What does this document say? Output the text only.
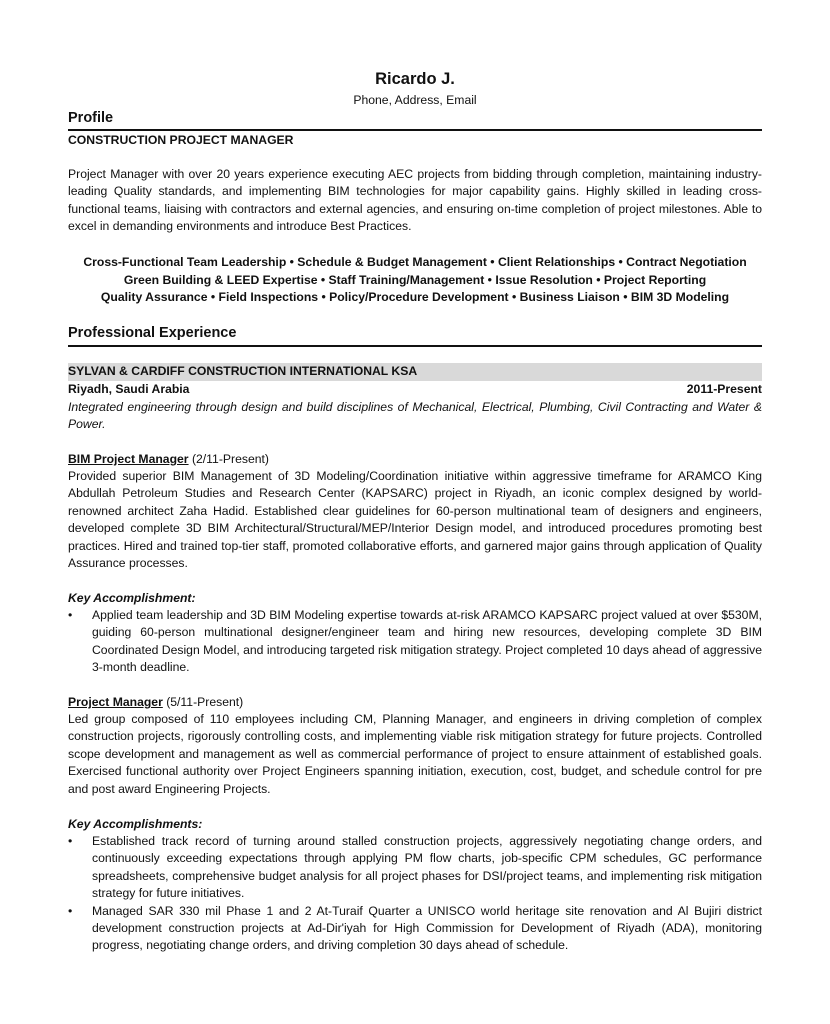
Ricardo J.
Phone, Address, Email
Profile
CONSTRUCTION PROJECT MANAGER
Project Manager with over 20 years experience executing AEC projects from bidding through completion, maintaining industry-leading Quality standards, and implementing BIM technologies for major capability gains. Highly skilled in leading cross-functional teams, liaising with contractors and external agencies, and ensuring on-time completion of project milestones. Able to excel in demanding environments and introduce Best Practices.
Cross-Functional Team Leadership • Schedule & Budget Management • Client Relationships • Contract Negotiation
Green Building & LEED Expertise • Staff Training/Management • Issue Resolution • Project Reporting
Quality Assurance • Field Inspections • Policy/Procedure Development • Business Liaison • BIM 3D Modeling
Professional Experience
SYLVAN & CARDIFF CONSTRUCTION INTERNATIONAL KSA
Riyadh, Saudi Arabia	2011-Present
Integrated engineering through design and build disciplines of Mechanical, Electrical, Plumbing, Civil Contracting and Water & Power.
BIM Project Manager (2/11-Present)
Provided superior BIM Management of 3D Modeling/Coordination initiative within aggressive timeframe for ARAMCO King Abdullah Petroleum Studies and Research Center (KAPSARC) project in Riyadh, an iconic complex designed by world-renowned architect Zaha Hadid. Established clear guidelines for 60-person multinational team of designers and engineers, developed complete 3D BIM Architectural/Structural/MEP/Interior Design model, and introduced procedures promoting best practices. Hired and trained top-tier staff, promoted collaborative efforts, and garnered major gains through application of Quality Assurance processes.
Key Accomplishment:
•	Applied team leadership and 3D BIM Modeling expertise towards at-risk ARAMCO KAPSARC project valued at over $530M, guiding 60-person multinational designer/engineer team and hiring new resources, developing complete 3D BIM Coordinated Design Model, and introducing targeted risk mitigation strategy. Project completed 10 days ahead of aggressive 3-month deadline.
Project Manager (5/11-Present)
Led group composed of 110 employees including CM, Planning Manager, and engineers in driving completion of complex construction projects, rigorously controlling costs, and implementing viable risk mitigation strategy for future projects. Controlled scope development and management as well as commercial performance of project to ensure attainment of established goals. Exercised functional authority over Project Engineers spanning initiation, execution, cost, budget, and schedule control for pre and post award Engineering Projects.
Key Accomplishments:
•	Established track record of turning around stalled construction projects, aggressively negotiating change orders, and continuously exceeding expectations through applying PM flow charts, job-specific CPM schedules, GC performance spreadsheets, comprehensive budget analysis for all project phases for DSI/project teams, and implementing risk mitigation strategy for future initiatives.
•	Managed SAR 330 mil Phase 1 and 2 At-Turaif Quarter a UNISCO world heritage site renovation and Al Bujiri district development construction projects at Ad-Dir'iyah for High Commission for Development of Riyadh (ADA), monitoring progress, negotiating change orders, and driving completion 30 days ahead of schedule.
